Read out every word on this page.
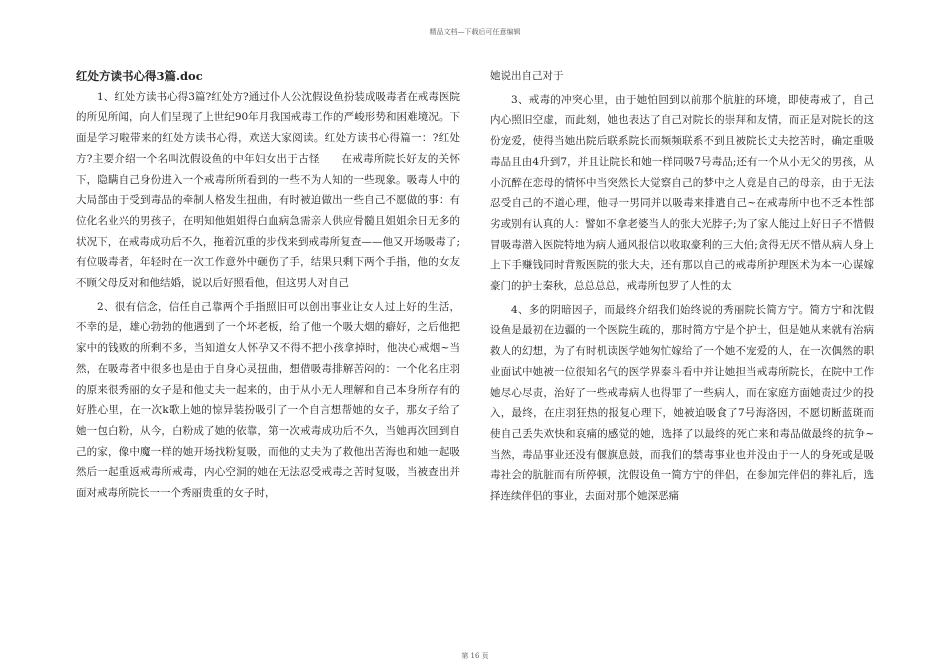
精品文档—下载后可任意编辑
红处方读书心得3篇.doc

1、红处方读书心得3篇?红处方?通过仆人公沈假设鱼扮装成吸毒者在戒毒医院的所见所闻，向人们呈现了上世纪90年月我国戒毒工作的严峻形势和困难境况。下面是学习啦带来的红处方读书心得，欢送大家阅读。红处方读书心得篇一：?红处方?主要介绍一个名叫沈假设鱼的中年妇女出于古怪　　在戒毒所院长好友的关怀下，隐瞒自己身份进入一个戒毒所所看到的一些不为人知的一些现象。吸毒人中的大局部由于受到毒品的牵制人格发生扭曲，有时被迫做出一些自己不愿做的事：有位化名业兴的男孩子，在明知他姐姐得白血病急需亲人供应骨髓且姐姐余日无多的状况下，在戒毒成功后不久，拖着沉重的步伐来到戒毒所复查——他又开场吸毒了;有位吸毒者，年轻时在一次工作意外中砸伤了手，结果只剩下两个手指，他的女友不顾父母反对和他结婚，说以后好照看他，但这男人对自己

2、很有信念，信任自己靠两个手指照旧可以创出事业让女人过上好的生活，不幸的是，雄心勃勃的他遇到了一个坏老板，给了他一个吸大烟的癖好，之后他把家中的钱败的所剩不多，当知道女人怀孕又不得不把小孩拿掉时，他决心戒烟~当然，在吸毒者中很多也是由于自身心灵扭曲，想借吸毒排解苦闷的：一个化名庄羽的原来很秀丽的女子是和他丈夫一起来的，由于从小无人理解和自己本身所存有的好胜心里，在一次k歌上她的惊异装扮吸引了一个自言想帮她的女子，那女子给了她一包白粉，从今，白粉成了她的依靠，第一次戒毒成功后不久，当她再次回到自己的家，像中魔一样的她开场找粉复吸，而他的丈夫为了救他出苦海也和她一起吸然后一起重返戒毒所戒毒，内心空洞的她在无法忍受戒毒之苦时复吸，当被查出并面对戒毒所院长一一个秀丽贵重的女子时，

她说出自己对于

3、戒毒的冲突心里，由于她怕回到以前那个肮脏的环境，即使毒戒了，自己内心照旧空虚，而此刻，她也表达了自己对院长的崇拜和友情，而正是对院长的这份宠爱，使得当她出院后联系院长而频频联系不到且被院长丈夫挖苦时，确定重吸毒品且由4升到7，并且让院长和她一样同吸7号毒品;还有一个从小无父的男孩，从小沉醉在恋母的情怀中当突然长大觉察自己的梦中之人竟是自己的母亲，由于无法忍受自己的不道心理，他寻一男同并以吸毒来排遣自己~在戒毒所中也不乏本性部劣或别有认真的人：譬如不拿老婆当人的张大光脖子;为了家人能过上好日子不惜假冒吸毒潜入医院特地为病人通风报信以收取豪利的三大伯;贪得无厌不惜从病人身上上下手赚钱同时背叛医院的张大夫，还有那以自己的戒毒所护理医术为本一心谋嫁豪门的护士秦秋，总总总总，戒毒所包罗了人性的太

4、多的阴暗因子，而最终介绍我们始终说的秀丽院长简方宁。简方宁和沈假设鱼是最初在边疆的一个医院生疏的，那时简方宁是个护士，但是她从来就有治病救人的幻想，为了有时机读医学她匆忙嫁给了一个她不宠爱的人，在一次偶然的职业面试中她被一位很知名气的医学界泰斗看中并让她担当戒毒所院长，在院中工作她尽心尽责，治好了一些戒毒病人也得罪了一些病人，而在家庭方面她责过少的投入，最终，在庄羽狂热的报复心理下，她被迫吸食了7号海洛因，不愿切断蓝斑而使自己丢失欢快和哀痛的感觉的她，选择了以最终的死亡来和毒品做最终的抗争~当然，毒品事业还没有偃旗息鼓，而我们的禁毒事业也并没由于一人的身死或是吸毒社会的肮脏而有所停顿，沈假设鱼一简方宁的伴侣，在参加完伴侣的葬礼后，选择连续伴侣的事业，去面对那个她深恶痛

第 16 页
